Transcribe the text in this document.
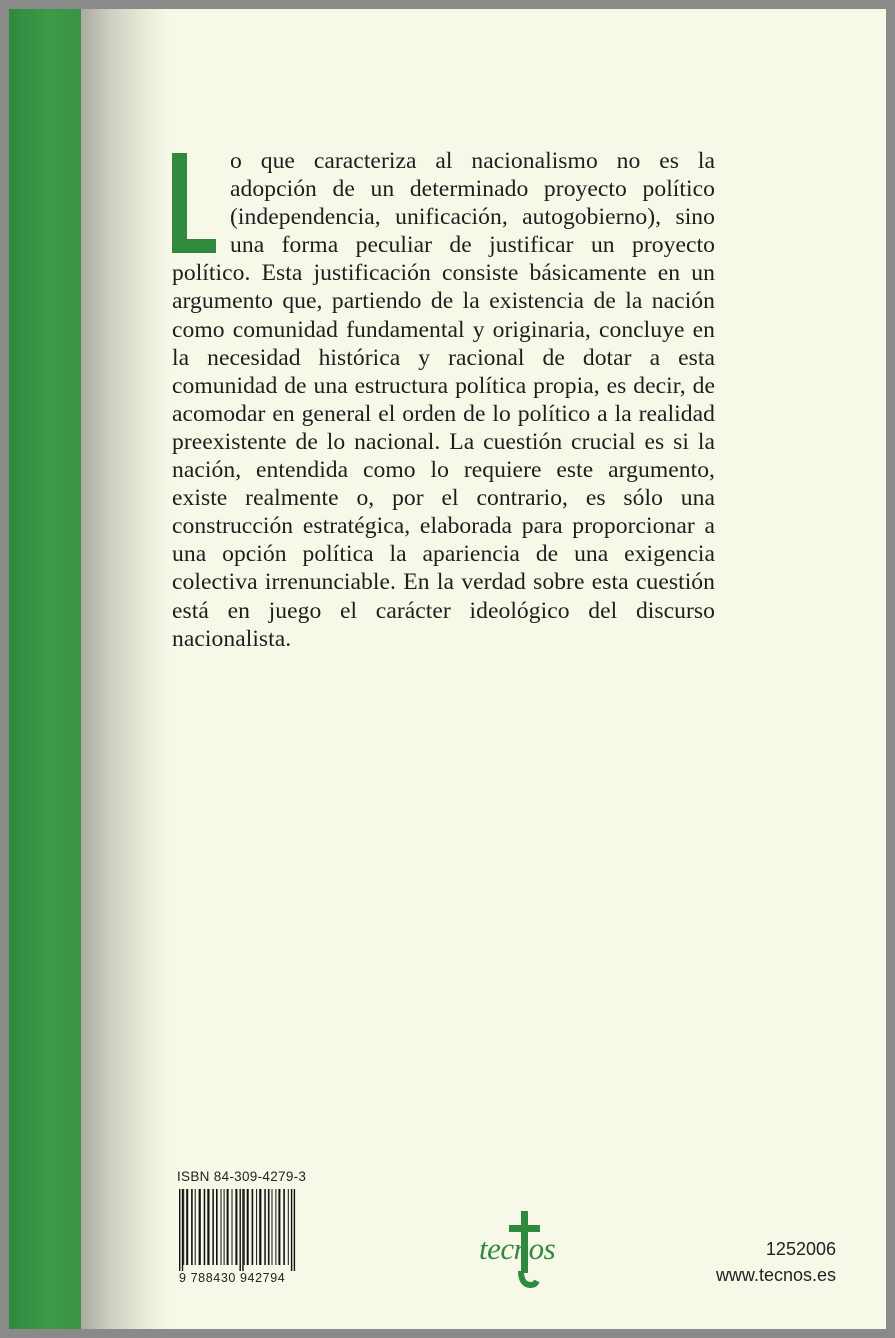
o que caracteriza al nacionalismo no es la adopción de un determinado proyecto político (independencia, unificación, autogobierno), sino una forma peculiar de justificar un proyecto político. Esta justificación consiste básicamente en un argumento que, partiendo de la existencia de la nación como comunidad fundamental y originaria, concluye en la necesidad histórica y racional de dotar a esta comunidad de una estructura política propia, es decir, de acomodar en general el orden de lo político a la realidad preexistente de lo nacional. La cuestión crucial es si la nación, entendida como lo requiere este argumento, existe realmente o, por el contrario, es sólo una construcción estratégica, elaborada para proporcionar a una opción política la apariencia de una exigencia colectiva irrenunciable. En la verdad sobre esta cuestión está en juego el carácter ideológico del discurso nacionalista.
ISBN 84-309-4279-3
9 788430 942794
tecnos	1252006
www.tecnos.es
